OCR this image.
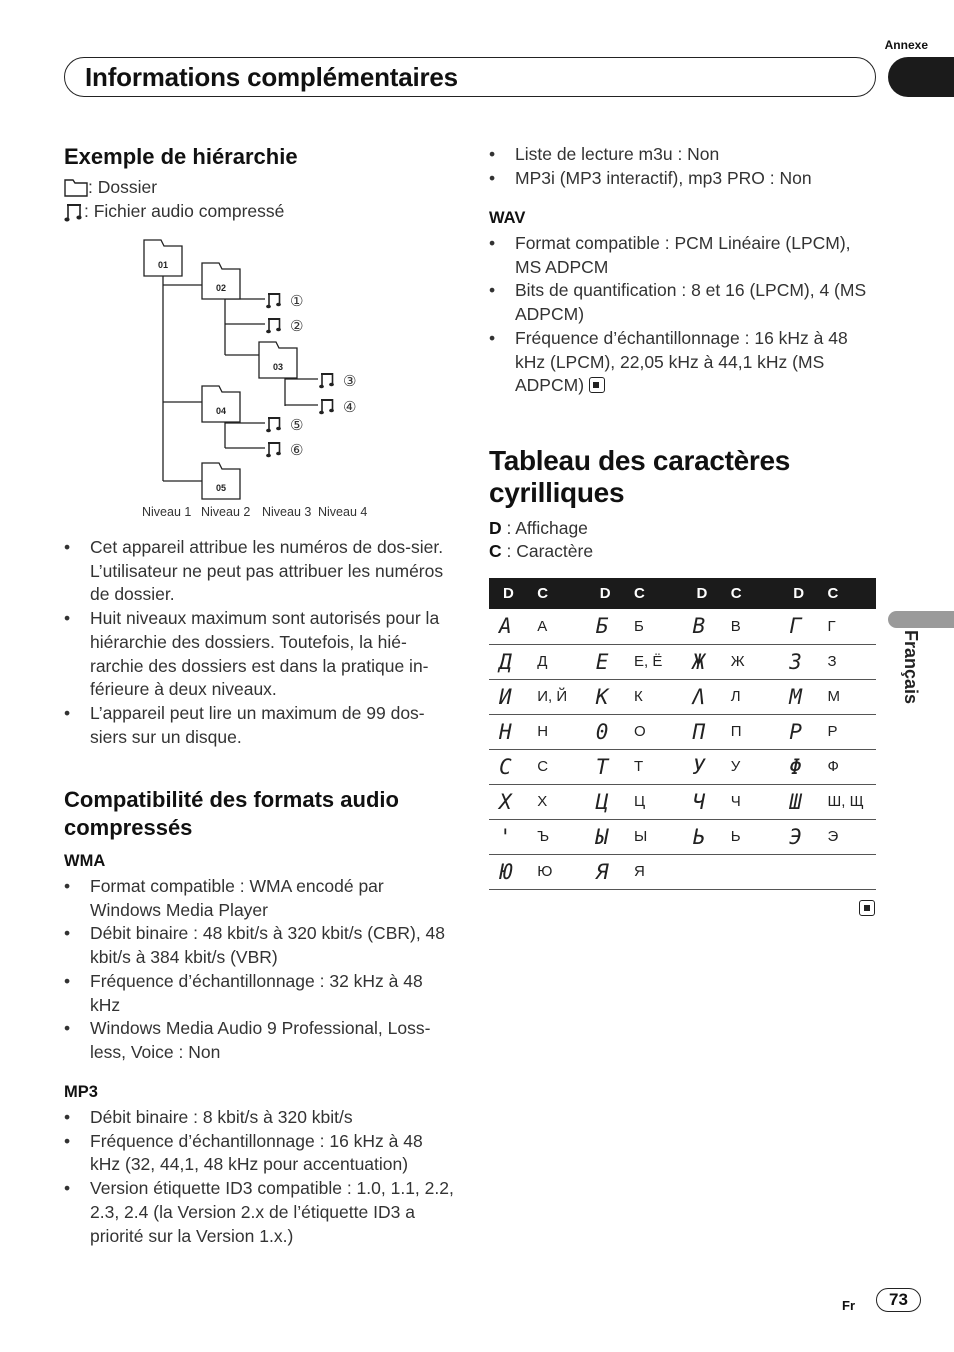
Annexe
Informations complémentaires
Français
Exemple de hiérarchie
: Dossier
: Fichier audio compressé
01
02
03
04
05
①
②
③
④
⑤
⑥
Niveau 1 Niveau 2 Niveau 3 Niveau 4
• Cet appareil attribue les numéros de dos-sier. L’utilisateur ne peut pas attribuer les numéros de dossier.
• Huit niveaux maximum sont autorisés pour la hiérarchie des dossiers. Toutefois, la hié-rarchie des dossiers est dans la pratique in-férieure à deux niveaux.
• L’appareil peut lire un maximum de 99 dos-siers sur un disque.
Compatibilité des formats audio compressés
WMA
• Format compatible : WMA encodé par Windows Media Player
• Débit binaire : 48 kbit/s à 320 kbit/s (CBR), 48 kbit/s à 384 kbit/s (VBR)
• Fréquence d’échantillonnage : 32 kHz à 48 kHz
• Windows Media Audio 9 Professional, Loss-less, Voice : Non
MP3
• Débit binaire : 8 kbit/s à 320 kbit/s
• Fréquence d’échantillonnage : 16 kHz à 48 kHz (32, 44,1, 48 kHz pour accentuation)
• Version étiquette ID3 compatible : 1.0, 1.1, 2.2, 2.3, 2.4 (la Version 2.x de l’étiquette ID3 a priorité sur la Version 1.x.)
• Liste de lecture m3u : Non
• MP3i (MP3 interactif), mp3 PRO : Non
WAV
• Format compatible : PCM Linéaire (LPCM), MS ADPCM
• Bits de quantification : 8 et 16 (LPCM), 4 (MS ADPCM)
• Fréquence d’échantillonnage : 16 kHz à 48 kHz (LPCM), 22,05 kHz à 44,1 kHz (MS ADPCM)
Tableau des caractères cyrilliques
D : Affichage
C : Caractère
D	C	D	C	D	C	D	C
A	А	Б	Б	B	В	Γ	Г
Д	Д	E	Е, Ё	Ж	Ж	З	З
И	И, Й	K	К	Λ	Л	M	М
H	Н	0	О	Π	П	P	Р
C	С	T	Т	У	У	Φ	Ф
X	Х	Ц	Ц	Ч	Ч	Ш	Ш, Щ
'	Ъ	Ы	Ы	Ь	Ь	Э	Э
Ю	Ю	Я	Я				
Fr	73
